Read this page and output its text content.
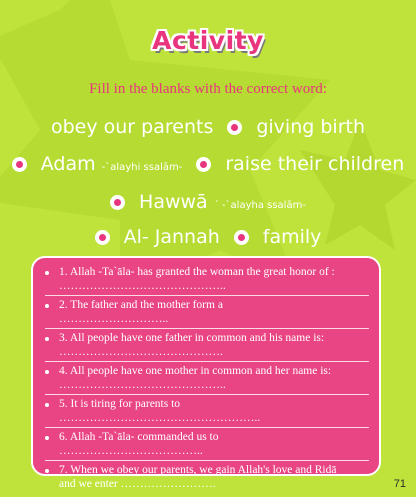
Activity
Fill in the blanks with the correct word:
obey our parents giving birth
Adam -`alayhi ssalām- raise their children
Hawwā ´ -`alayha ssalām-
Al- Jannah family
1. Allah -Ta`āla- has granted the woman the great honor of :
……………………………………..
2. The father and the mother form a
………………………..
3. All people have one father in common and his name is:
…………………………………….
4. All people have one mother in common and her name is:
……………………………………..
5. It is tiring for parents to
……………………………………………..
6. Allah -Ta`āla- commanded us to
………………………………..
7. When we obey our parents, we gain Allah's love and Ridā
and we enter …………………….	71
